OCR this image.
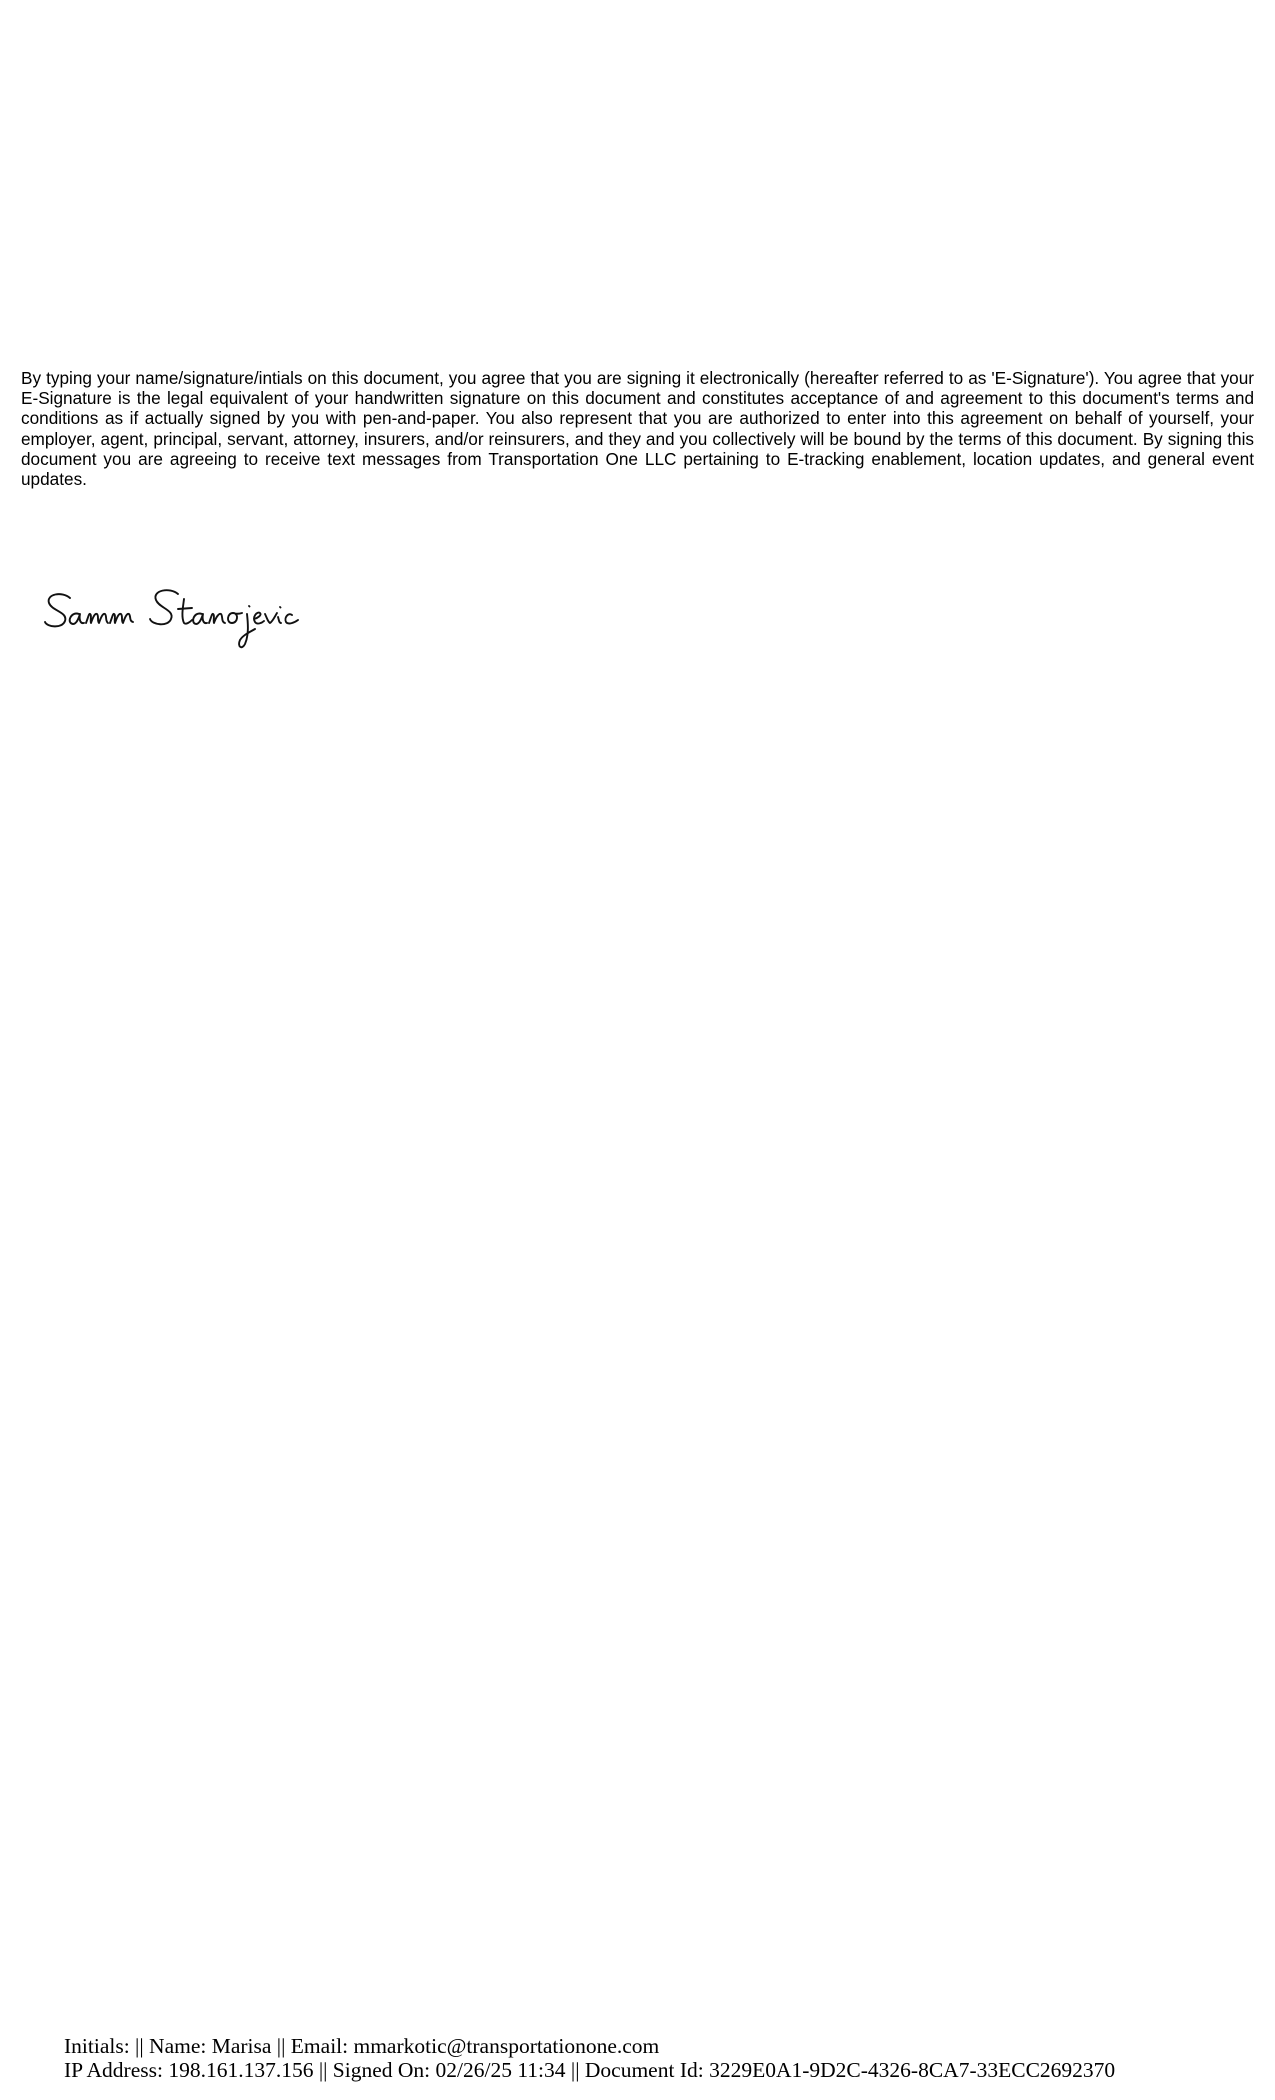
By typing your name/signature/intials on this document, you agree that you are signing it electronically (hereafter referred to as 'E-Signature'). You agree that your E-Signature is the legal equivalent of your handwritten signature on this document and constitutes acceptance of and agreement to this document's terms and conditions as if actually signed by you with pen-and-paper. You also represent that you are authorized to enter into this agreement on behalf of yourself, your employer, agent, principal, servant, attorney, insurers, and/or reinsurers, and they and you collectively will be bound by the terms of this document. By signing this document you are agreeing to receive text messages from Transportation One LLC pertaining to E-tracking enablement, location updates, and general event updates.

Initials: || Name: Marisa || Email: mmarkotic@transportationone.com
IP Address: 198.161.137.156 || Signed On: 02/26/25 11:34 || Document Id: 3229E0A1-9D2C-4326-8CA7-33ECC2692370
